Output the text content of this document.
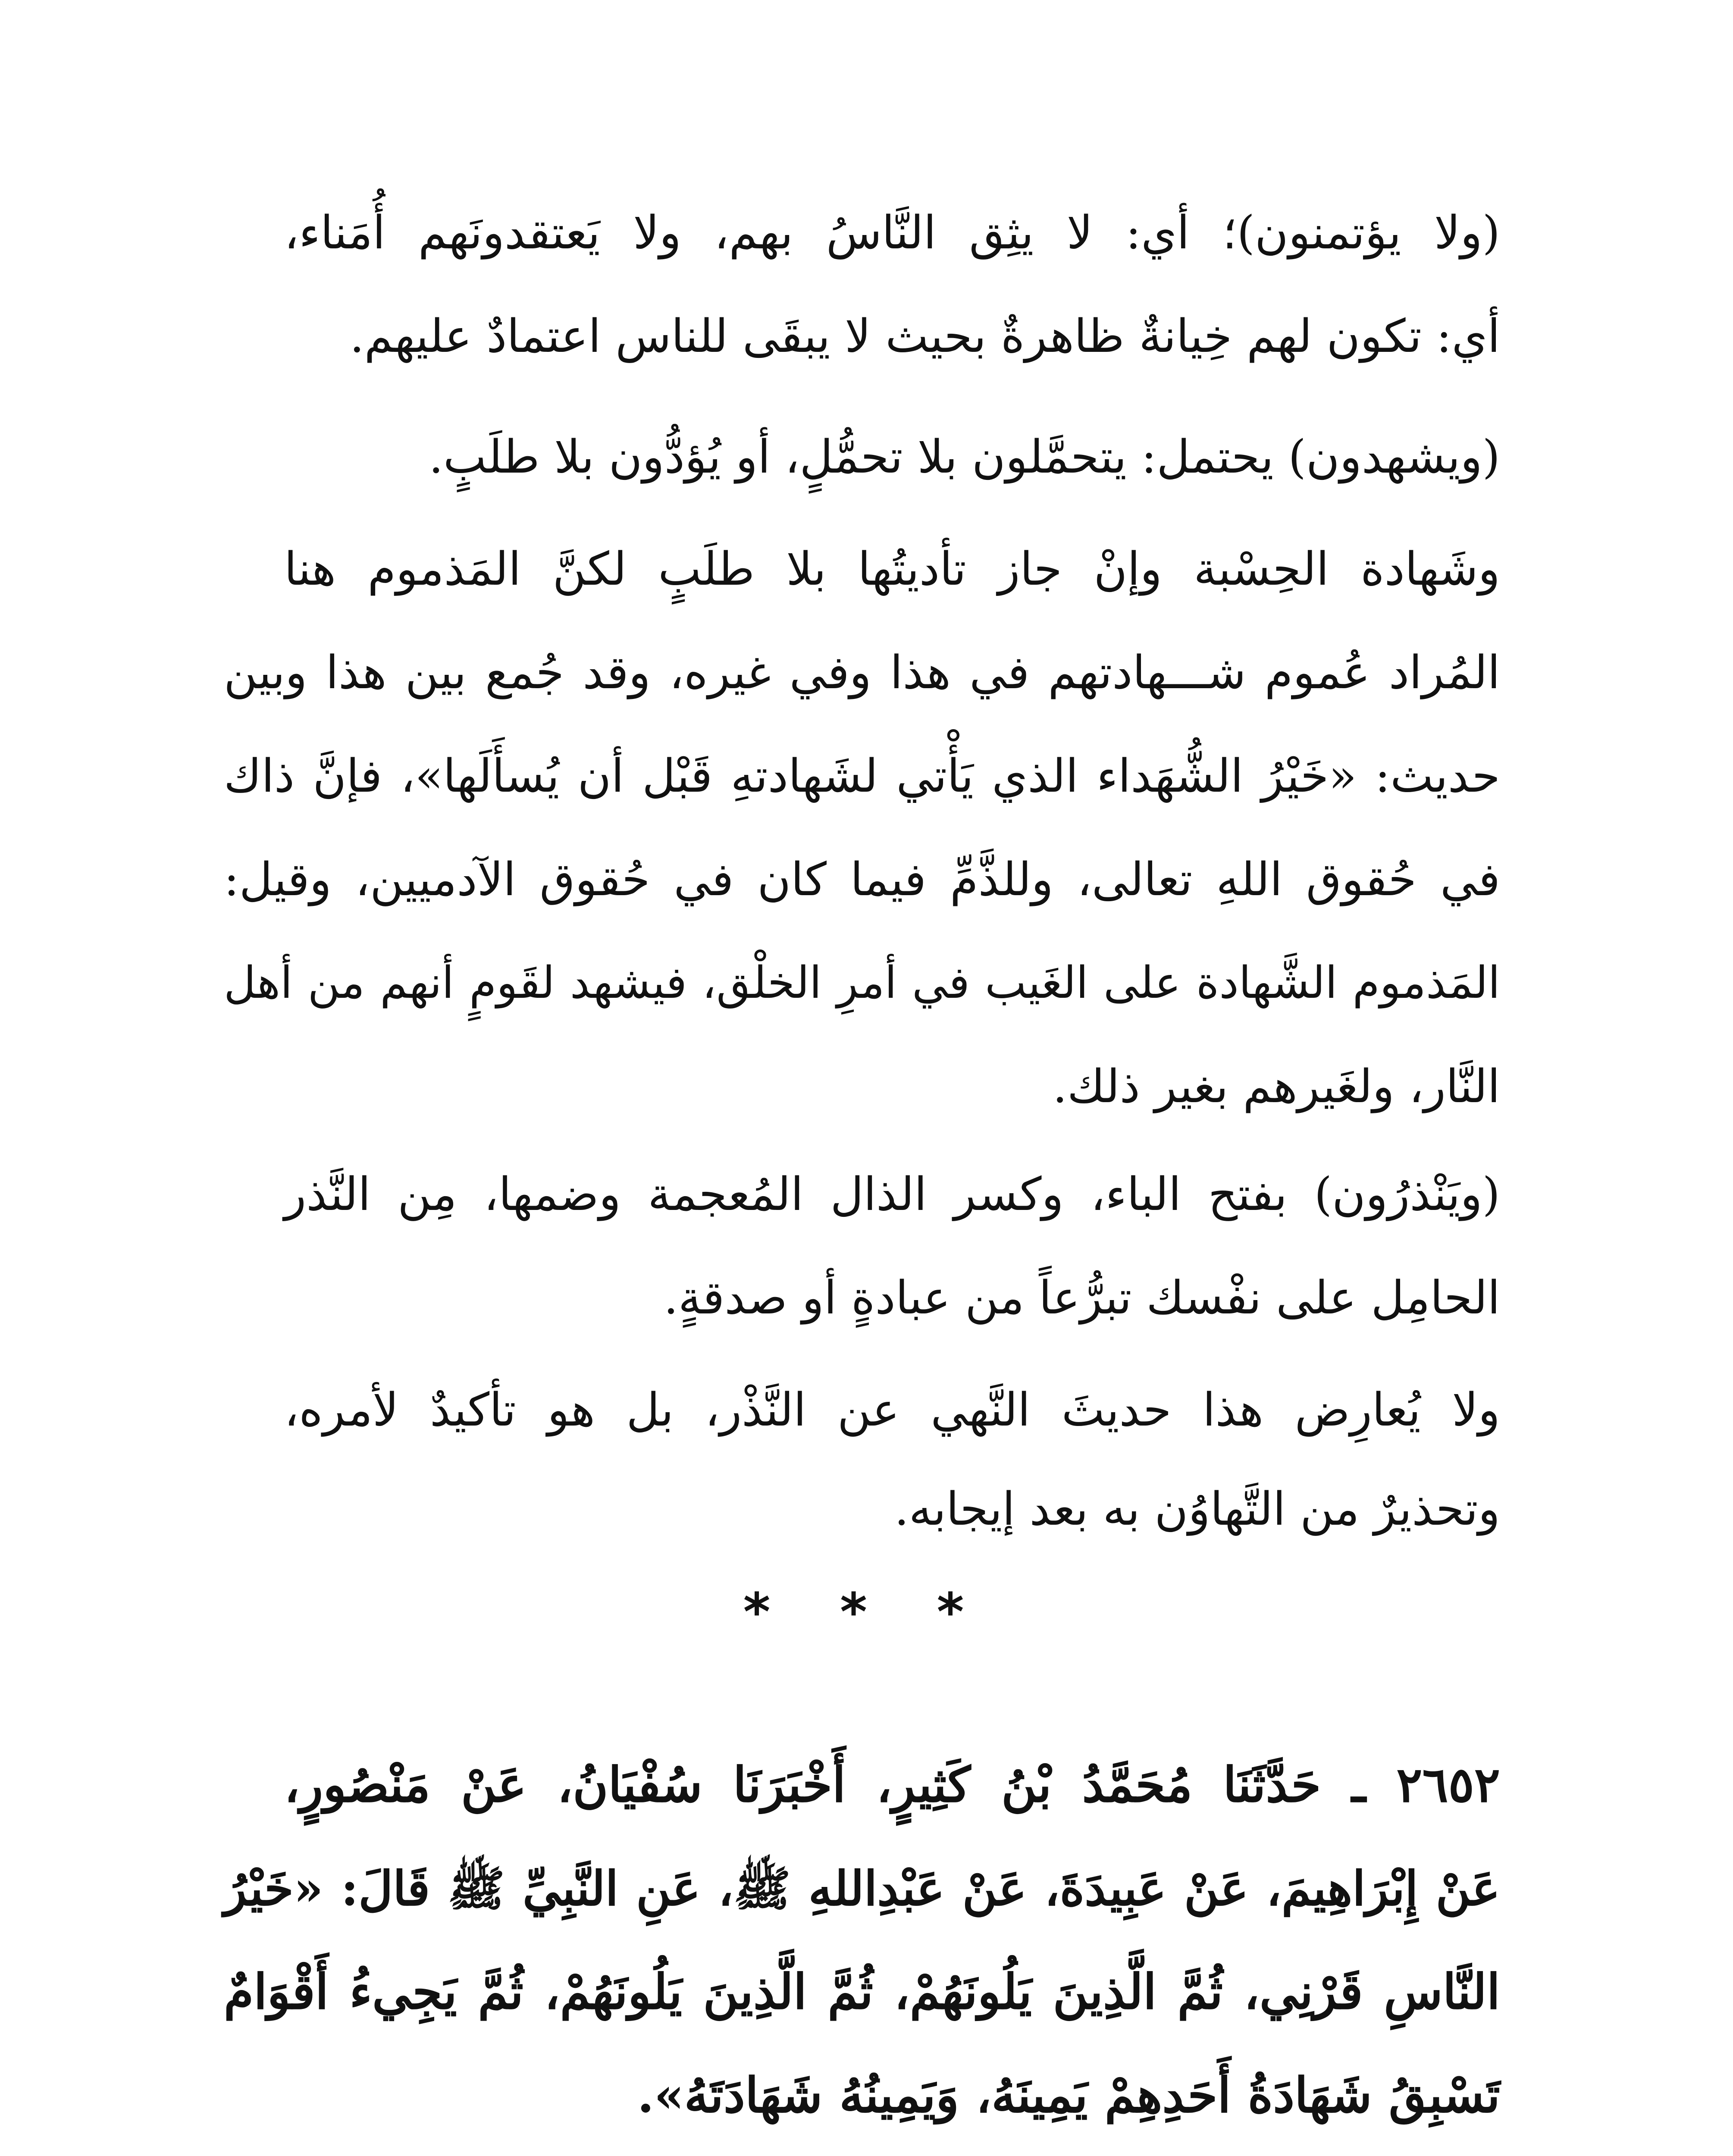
(ولا يؤتمنون)؛ أي: لا يثِق النَّاسُ بهم، ولا يَعتقدونَهم أُمَناء،
أي: تكون لهم خِيانةٌ ظاهرةٌ بحيث لا يبقَى للناس اعتمادٌ عليهم.
(ويشهدون) يحتمل: يتحمَّلون بلا تحمُّلٍ، أو يُؤدُّون بلا طلَبٍ.
وشَهادة الحِسْبة وإنْ جاز تأديتُها بلا طلَبٍ لكنَّ المَذموم هنا
المُراد عُموم شـــهادتهم في هذا وفي غيره، وقد جُمع بين هذا وبين
حديث: «خَيْرُ الشُّهَداء الذي يَأْتي لشَهادتهِ قَبْل أن يُسأَلَها»، فإنَّ ذاك
في حُقوق اللهِ تعالى، وللذَّمِّ فيما كان في حُقوق الآدميين، وقيل:
المَذموم الشَّهادة على الغَيب في أمرِ الخلْق، فيشهد لقَومٍ أنهم من أهل
النَّار، ولغَيرهم بغير ذلك.
(ويَنْذرُون) بفتح الباء، وكسر الذال المُعجمة وضمها، مِن النَّذر
الحامِل على نفْسك تبرُّعاً من عبادةٍ أو صدقةٍ.
ولا يُعارِض هذا حديثَ النَّهي عن النَّذْر، بل هو تأكيدٌ لأمره،
وتحذيرٌ من التَّهاوُن به بعد إيجابه.
* * *
٢٦٥٢ ـ حَدَّثَنَا مُحَمَّدُ بْنُ كَثِيرٍ، أَخْبَرَنَا سُفْيَانُ، عَنْ مَنْصُورٍ،
عَنْ إِبْرَاهِيمَ، عَنْ عَبِيدَةَ، عَنْ عَبْدِاللهِ ﷺ، عَنِ النَّبِيِّ ﷺ قَالَ: «خَيْرُ
النَّاسِ قَرْنِي، ثُمَّ الَّذِينَ يَلُونَهُمْ، ثُمَّ الَّذِينَ يَلُونَهُمْ، ثُمَّ يَجِيءُ أَقْوَامٌ
تَسْبِقُ شَهَادَةُ أَحَدِهِمْ يَمِينَهُ، وَيَمِينُهُ شَهَادَتَهُ».
